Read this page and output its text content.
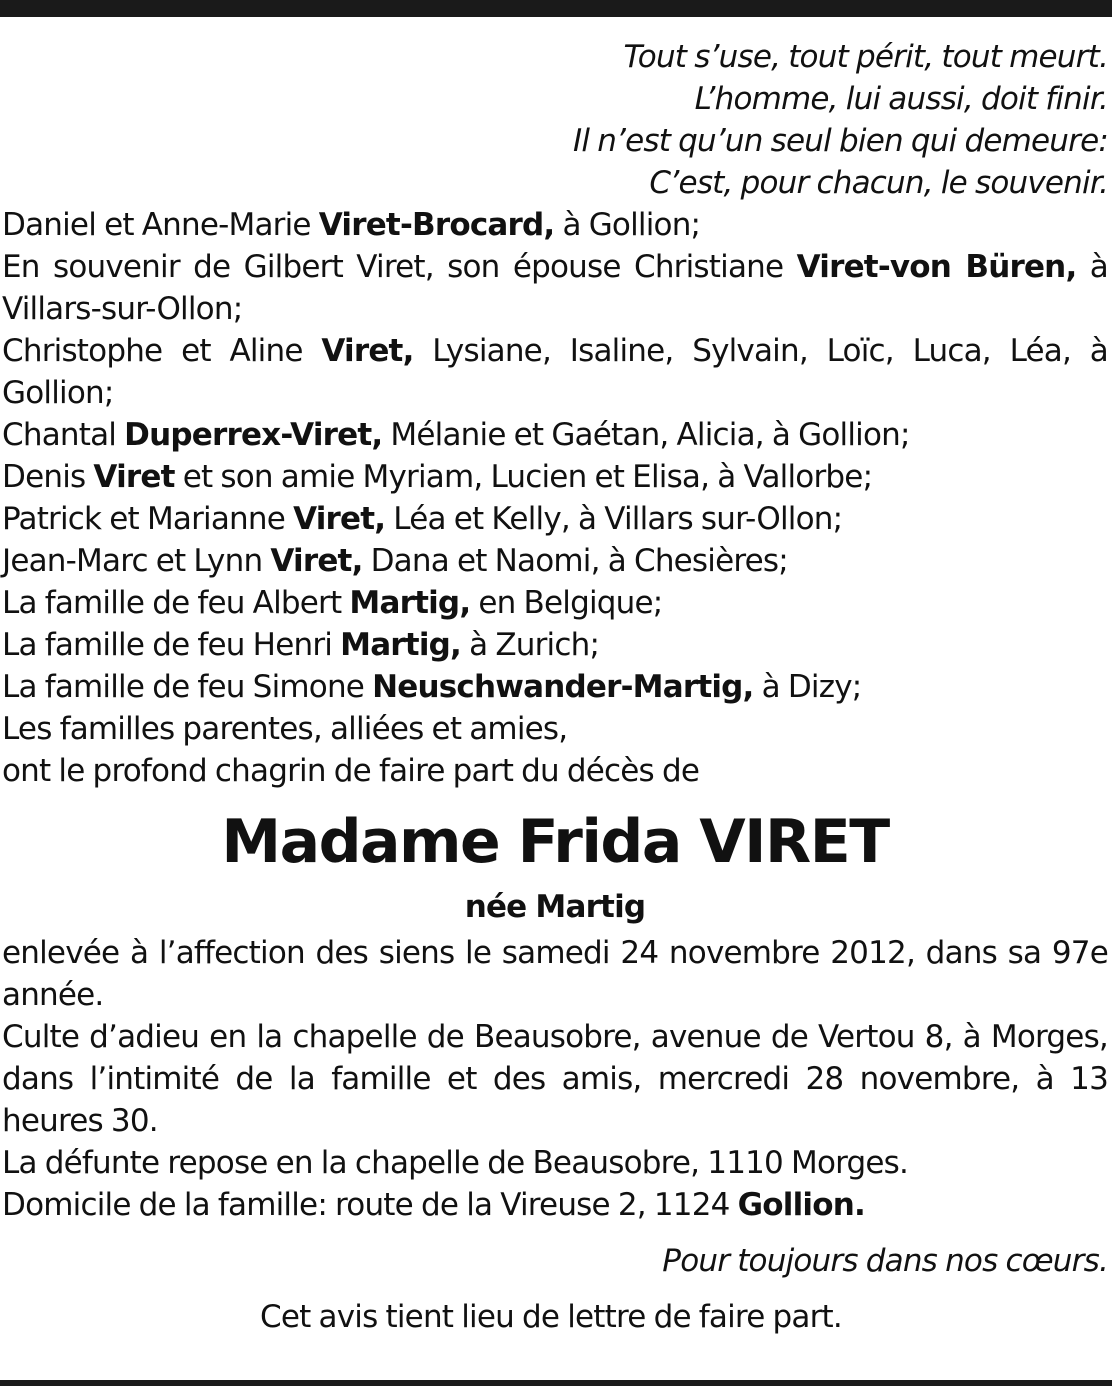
Tout s’use, tout périt, tout meurt.
L’homme, lui aussi, doit finir.
Il n’est qu’un seul bien qui demeure:
C’est, pour chacun, le souvenir.
Daniel et Anne-Marie Viret-Brocard, à Gollion;
En souvenir de Gilbert Viret, son épouse Christiane Viret-von Büren, à Villars-sur-Ollon;
Christophe et Aline Viret, Lysiane, Isaline, Sylvain, Loïc, Luca, Léa, à Gollion;
Chantal Duperrex-Viret, Mélanie et Gaétan, Alicia, à Gollion;
Denis Viret et son amie Myriam, Lucien et Elisa, à Vallorbe;
Patrick et Marianne Viret, Léa et Kelly, à Villars sur-Ollon;
Jean-Marc et Lynn Viret, Dana et Naomi, à Chesières;
La famille de feu Albert Martig, en Belgique;
La famille de feu Henri Martig, à Zurich;
La famille de feu Simone Neuschwander-Martig, à Dizy;
Les familles parentes, alliées et amies,
ont le profond chagrin de faire part du décès de
Madame Frida VIRET
née Martig
enlevée à l’affection des siens le samedi 24 novembre 2012, dans sa 97e année.
Culte d’adieu en la chapelle de Beausobre, avenue de Vertou 8, à Morges, dans l’intimité de la famille et des amis, mercredi 28 novembre, à 13 heures 30.
La défunte repose en la chapelle de Beausobre, 1110 Morges.
Domicile de la famille: route de la Vireuse 2, 1124 Gollion.
Pour toujours dans nos cœurs.
Cet avis tient lieu de lettre de faire part.
